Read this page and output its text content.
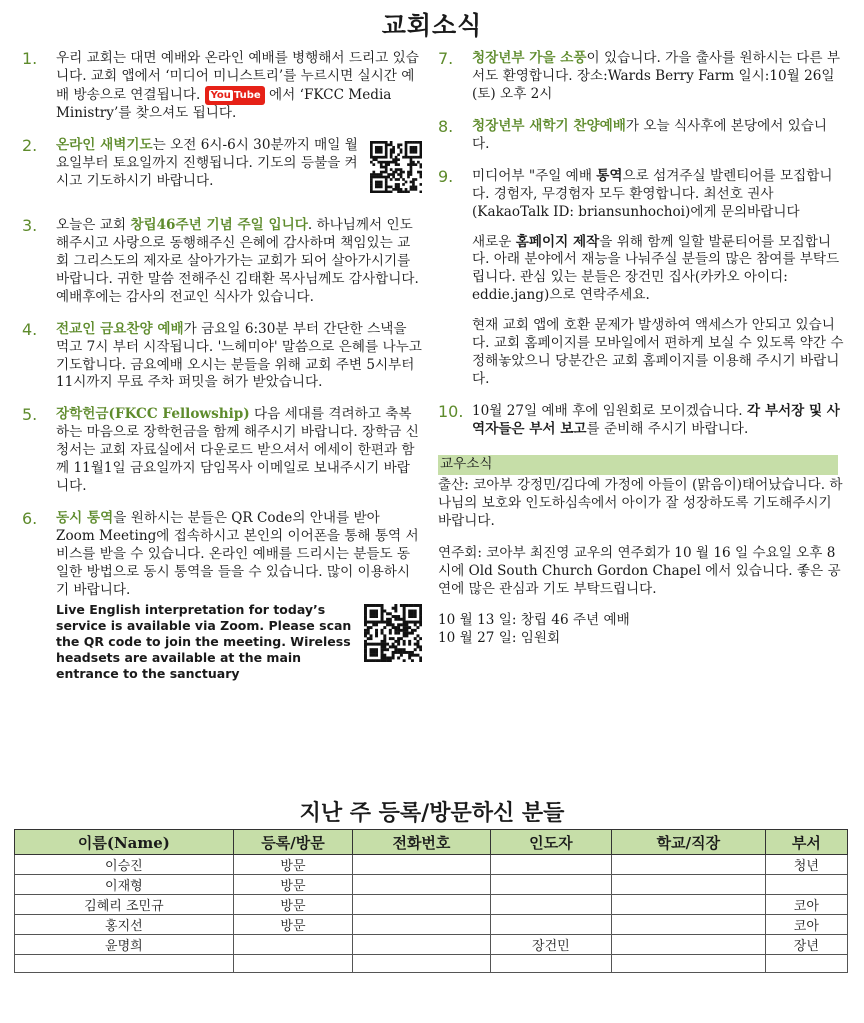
교회소식
1.	우리 교회는 대면 예배와 온라인 예배를 병행해서 드리고 있습니다. 교회 앱에서 ‘미디어 미니스트리’를 누르시면 실시간 예배 방송으로 연결됩니다. You Tube 에서 ‘FKCC Media Ministry’를 찾으셔도 됩니다.
2.	온라인 새벽기도는 오전 6시-6시 30분까지 매일 월요일부터 토요일까지 진행됩니다. 기도의 등불을 켜시고 기도하시기 바랍니다.
3.	오늘은 교회 창립46주년 기념 주일 입니다. 하나님께서 인도해주시고 사랑으로 동행해주신 은혜에 감사하며 책임있는 교회 그리스도의 제자로 살아가가는 교회가 되어 살아가시기를 바랍니다. 귀한 말씀 전해주신 김태환 목사님께도 감사합니다. 예배후에는 감사의 전교인 식사가 있습니다.
4.	전교인 금요찬양 예배가 금요일 6:30분 부터 간단한 스낵을 먹고 7시 부터 시작됩니다. '느헤미야' 말씀으로 은혜를 나누고 기도합니다. 금요예배 오시는 분들을 위해 교회 주변 5시부터 11시까지 무료 주차 퍼밋을 허가 받았습니다.
5.	장학헌금(FKCC Fellowship) 다음 세대를 격려하고 축복하는 마음으로 장학헌금을 함께 해주시기 바랍니다. 장학금 신청서는 교회 자료실에서 다운로드 받으셔서 에세이 한편과 함께 11월1일 금요일까지 담임목사 이메일로 보내주시기 바랍니다.
6.	동시 통역을 원하시는 분들은 QR Code의 안내를 받아 Zoom Meeting에 접속하시고 본인의 이어폰을 통해 통역 서비스를 받을 수 있습니다. 온라인 예배를 드리시는 분들도 동일한 방법으로 동시 통역을 들을 수 있습니다. 많이 이용하시기 바랍니다.
Live English interpretation for today’s service is available via Zoom. Please scan the QR code to join the meeting. Wireless headsets are available at the main entrance to the sanctuary
7.	청장년부 가을 소풍이 있습니다. 가을 출사를 원하시는 다른 부서도 환영합니다. 장소:Wards Berry Farm 일시:10월 26일(토) 오후 2시
8.	청장년부 새학기 찬양예배가 오늘 식사후에 본당에서 있습니다.
9.	미디어부 "주일 예배 통역으로 섬겨주실 발렌티어를 모집합니다. 경험자, 무경험자 모두 환영합니다. 최선호 권사 (KakaoTalk ID: briansunhochoi)에게 문의바랍니다

새로운 홈페이지 제작을 위해 함께 일할 발룬티어를 모집합니다. 아래 분야에서 재능을 나눠주실 분들의 많은 참여를 부탁드립니다. 관심 있는 분들은 장건민 집사(카카오 아이디: eddie.jang)으로 연락주세요.

현재 교회 앱에 호환 문제가 발생하여 액세스가 안되고 있습니다. 교회 홈페이지를 모바일에서 편하게 보실 수 있도록 약간 수정해놓았으니 당분간은 교회 홈페이지를 이용해 주시기 바랍니다.

10. 10월 27일 예배 후에 임원회로 모이겠습니다. 각 부서장 및 사역자들은 부서 보고를 준비해 주시기 바랍니다.
교우소식

출산: 코아부 강정민/김다예 가정에 아들이 (맑음이)태어났습니다. 하나님의 보호와 인도하심속에서 아이가 잘 성장하도록 기도해주시기 바랍니다.

연주회: 코아부 최진영 교우의 연주회가 10 월 16 일 수요일 오후 8 시에 Old South Church Gordon Chapel 에서 있습니다. 좋은 공연에 많은 관심과 기도 부탁드립니다.

10 월 13 일: 창립 46 주년 예배
10 월 27 일: 임원회

지난 주 등록/방문하신 분들
이름(Name)	등록/방문	전화번호	인도자	학교/직장	부서
이승진	방문				청년
이재형	방문				
김혜리 조민규	방문				코아
홍지선	방문				코아
윤명희			장건민		장년
